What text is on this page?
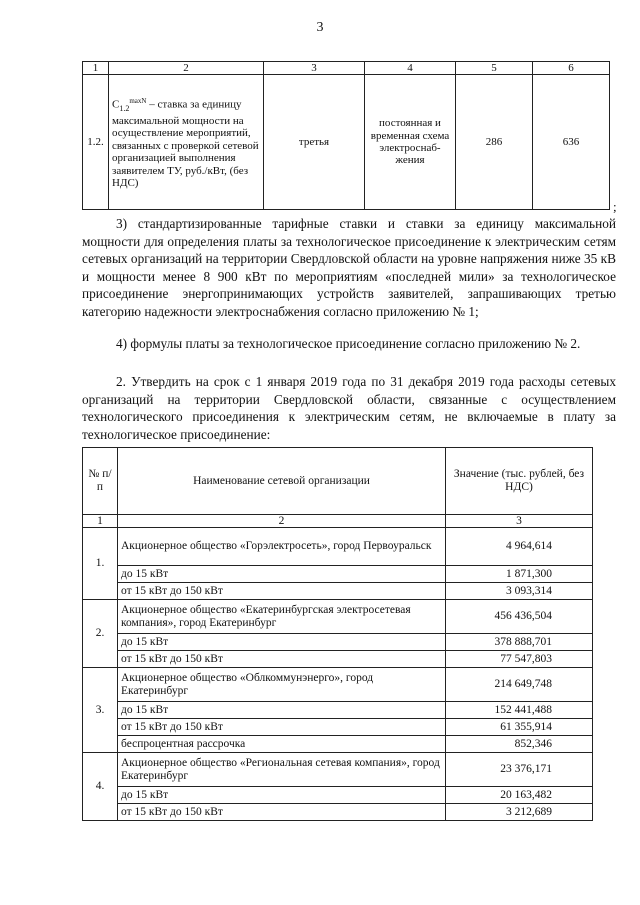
3
1	2	3	4	5	6
1.2.	$C_{1.2}^{maxN}$ – ставка за единицу максимальной мощности на осуществление мероприятий, связанных с проверкой сетевой организацией выполнения заявителем ТУ, руб./кВт, (без НДС)	третья	постоянная и временная схема электроснаб-жения	286	636
;

3) стандартизированные тарифные ставки и ставки за единицу максимальной мощности для определения платы за технологическое присоединение к электрическим сетям сетевых организаций на территории Свердловской области на уровне напряжения ниже 35 кВ и мощности менее 8 900 кВт по мероприятиям «последней мили» за технологическое присоединение энергопринимающих устройств заявителей, запрашивающих третью категорию надежности электроснабжения согласно приложению № 1;

4) формулы платы за технологическое присоединение согласно приложению № 2.

2. Утвердить на срок с 1 января 2019 года по 31 декабря 2019 года расходы сетевых организаций на территории Свердловской области, связанные с осуществлением технологического присоединения к электрическим сетям, не включаемые в плату за технологическое присоединение:

№ п/п	Наименование сетевой организации	Значение (тыс. рублей, без НДС)
1	2	3
1.	Акционерное общество «Горэлектросеть», город Первоуральск	4 964,614
	до 15 кВт	1 871,300
	от 15 кВт до 150 кВт	3 093,314
2.	Акционерное общество «Екатеринбургская электросетевая компания», город Екатеринбург	456 436,504
	до 15 кВт	378 888,701
	от 15 кВт до 150 кВт	77 547,803
3.	Акционерное общество «Облкоммунэнерго», город Екатеринбург	214 649,748
	до 15 кВт	152 441,488
	от 15 кВт до 150 кВт	61 355,914
	беспроцентная рассрочка	852,346
4.	Акционерное общество «Региональная сетевая компания», город Екатеринбург	23 376,171
	до 15 кВт	20 163,482
	от 15 кВт до 150 кВт	3 212,689
